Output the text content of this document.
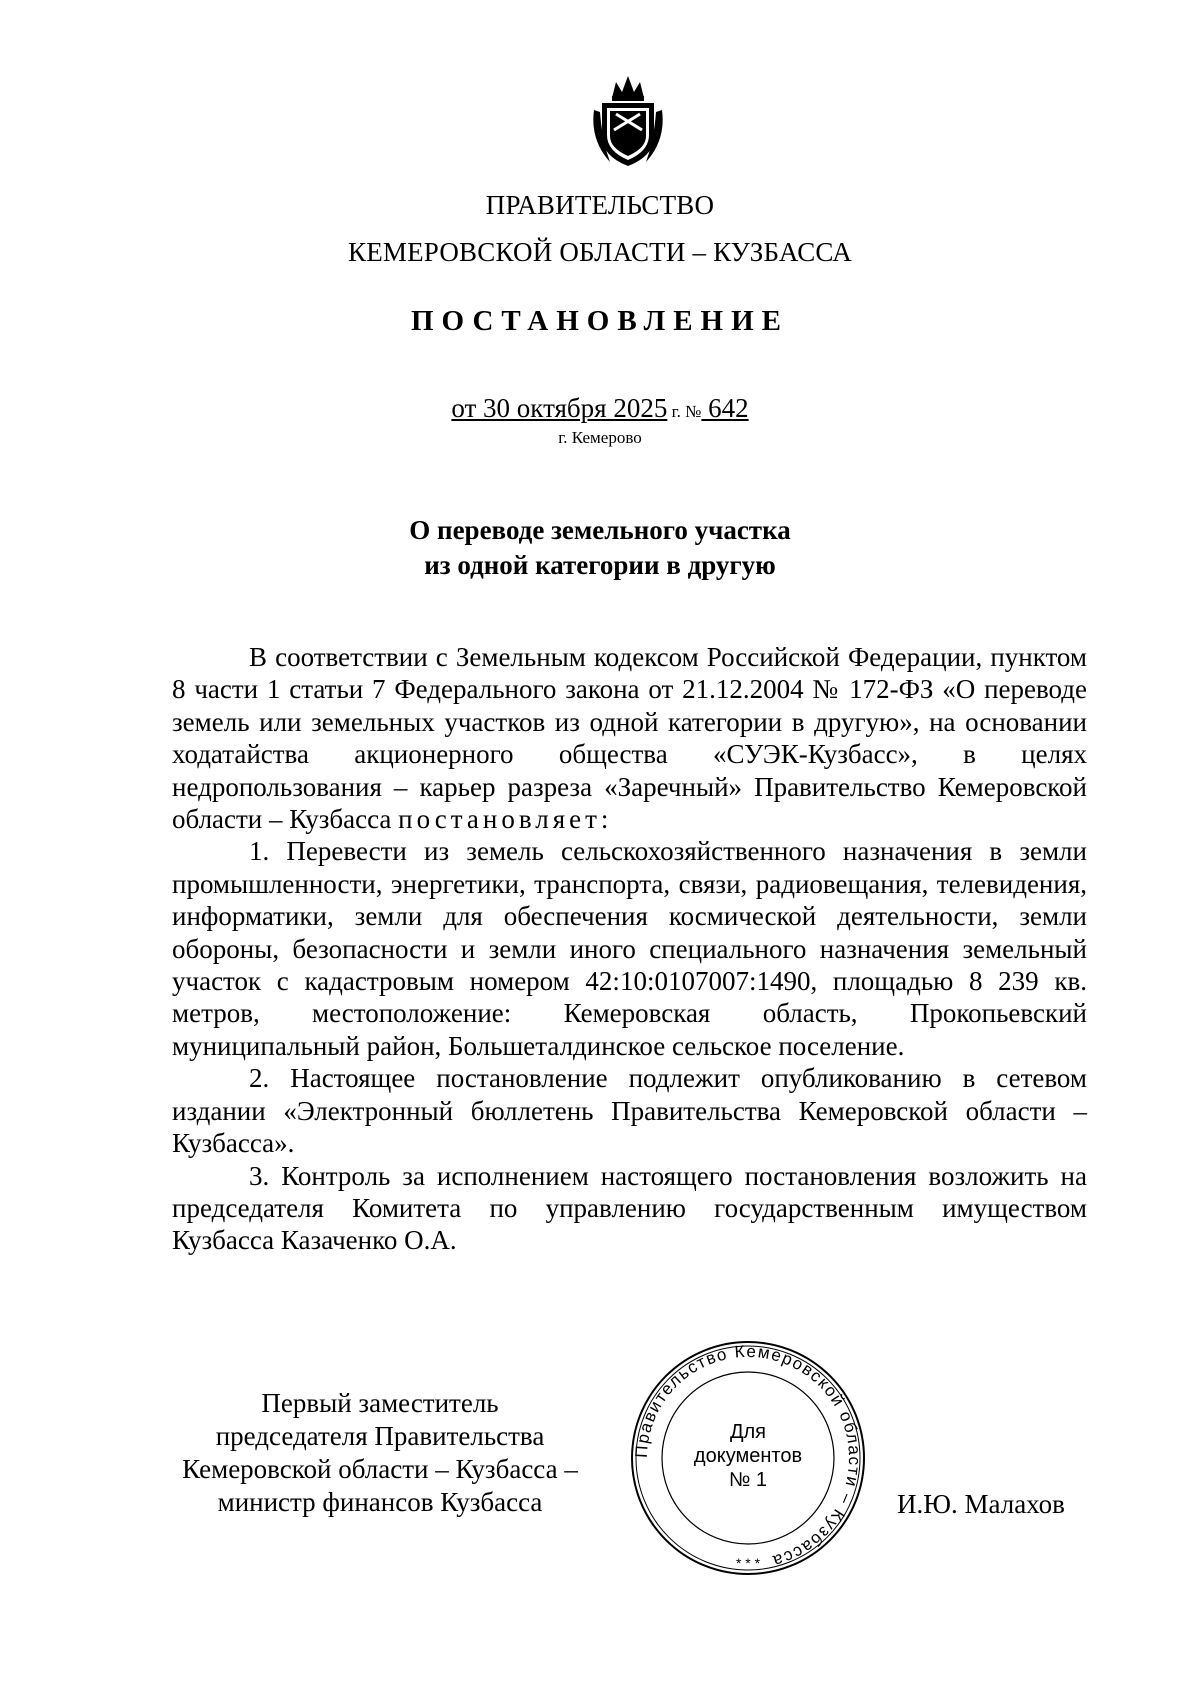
ПРАВИТЕЛЬСТВО
КЕМЕРОВСКОЙ ОБЛАСТИ – КУЗБАССА
ПОСТАНОВЛЕНИЕ
от 30 октября 2025 г. № 642
г. Кемерово
О переводе земельного участка
из одной категории в другую

В соответствии с Земельным кодексом Российской Федерации, пунктом 8 части 1 статьи 7 Федерального закона от 21.12.2004 № 172-ФЗ «О переводе земель или земельных участков из одной категории в другую», на основании ходатайства акционерного общества «СУЭК-Кузбасс», в целях недропользования – карьер разреза «Заречный» Правительство Кемеровской области – Кузбасса постановляет:

1. Перевести из земель сельскохозяйственного назначения в земли промышленности, энергетики, транспорта, связи, радиовещания, телевидения, информатики, земли для обеспечения космической деятельности, земли обороны, безопасности и земли иного специального назначения земельный участок с кадастровым номером 42:10:0107007:1490, площадью 8 239 кв. метров, местоположение: Кемеровская область, Прокопьевский муниципальный район, Большеталдинское сельское поселение.

2. Настоящее постановление подлежит опубликованию в сетевом издании «Электронный бюллетень Правительства Кемеровской области – Кузбасса».

3. Контроль за исполнением настоящего постановления возложить на председателя Комитета по управлению государственным имуществом Кузбасса Казаченко О.А.

Первый заместитель
председателя Правительства
Кемеровской области – Кузбасса –
министр финансов Кузбасса
Правительство Кемеровской области – Кузбасса
* * *
Для
документов
№ 1
И.Ю. Малахов
